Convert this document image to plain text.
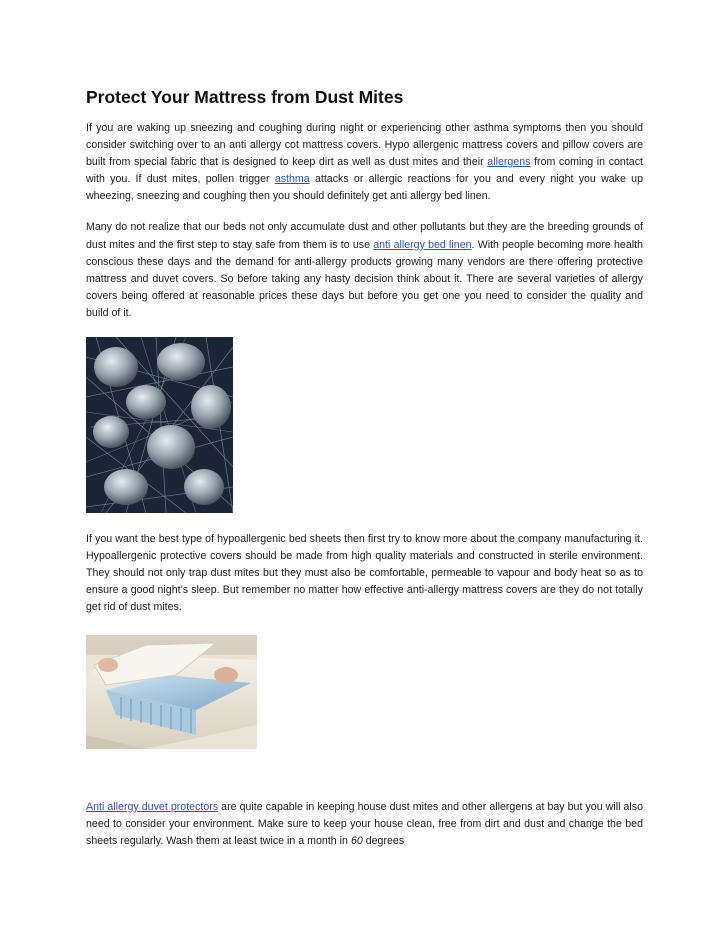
Protect Your Mattress from Dust Mites

If you are waking up sneezing and coughing during night or experiencing other asthma symptoms then you should consider switching over to an anti allergy cot mattress covers. Hypo allergenic mattress covers and pillow covers are built from special fabric that is designed to keep dirt as well as dust mites and their allergens from coming in contact with you. If dust mites, pollen trigger asthma attacks or allergic reactions for you and every night you wake up wheezing, sneezing and coughing then you should definitely get anti allergy bed linen.

Many do not realize that our beds not only accumulate dust and other pollutants but they are the breeding grounds of dust mites and the first step to stay safe from them is to use anti allergy bed linen. With people becoming more health conscious these days and the demand for anti-allergy products growing many vendors are there offering protective mattress and duvet covers. So before taking any hasty decision think about it. There are several varieties of allergy covers being offered at reasonable prices these days but before you get one you need to consider the quality and build of it.

If you want the best type of hypoallergenic bed sheets then first try to know more about the company manufacturing it. Hypoallergenic protective covers should be made from high quality materials and constructed in sterile environment. They should not only trap dust mites but they must also be comfortable, permeable to vapour and body heat so as to ensure a good night’s sleep. But remember no matter how effective anti-allergy mattress covers are they do not totally get rid of dust mites.

Anti allergy duvet protectors are quite capable in keeping house dust mites and other allergens at bay but you will also need to consider your environment. Make sure to keep your house clean, free from dirt and dust and change the bed sheets regularly. Wash them at least twice in a month in 60 degrees
